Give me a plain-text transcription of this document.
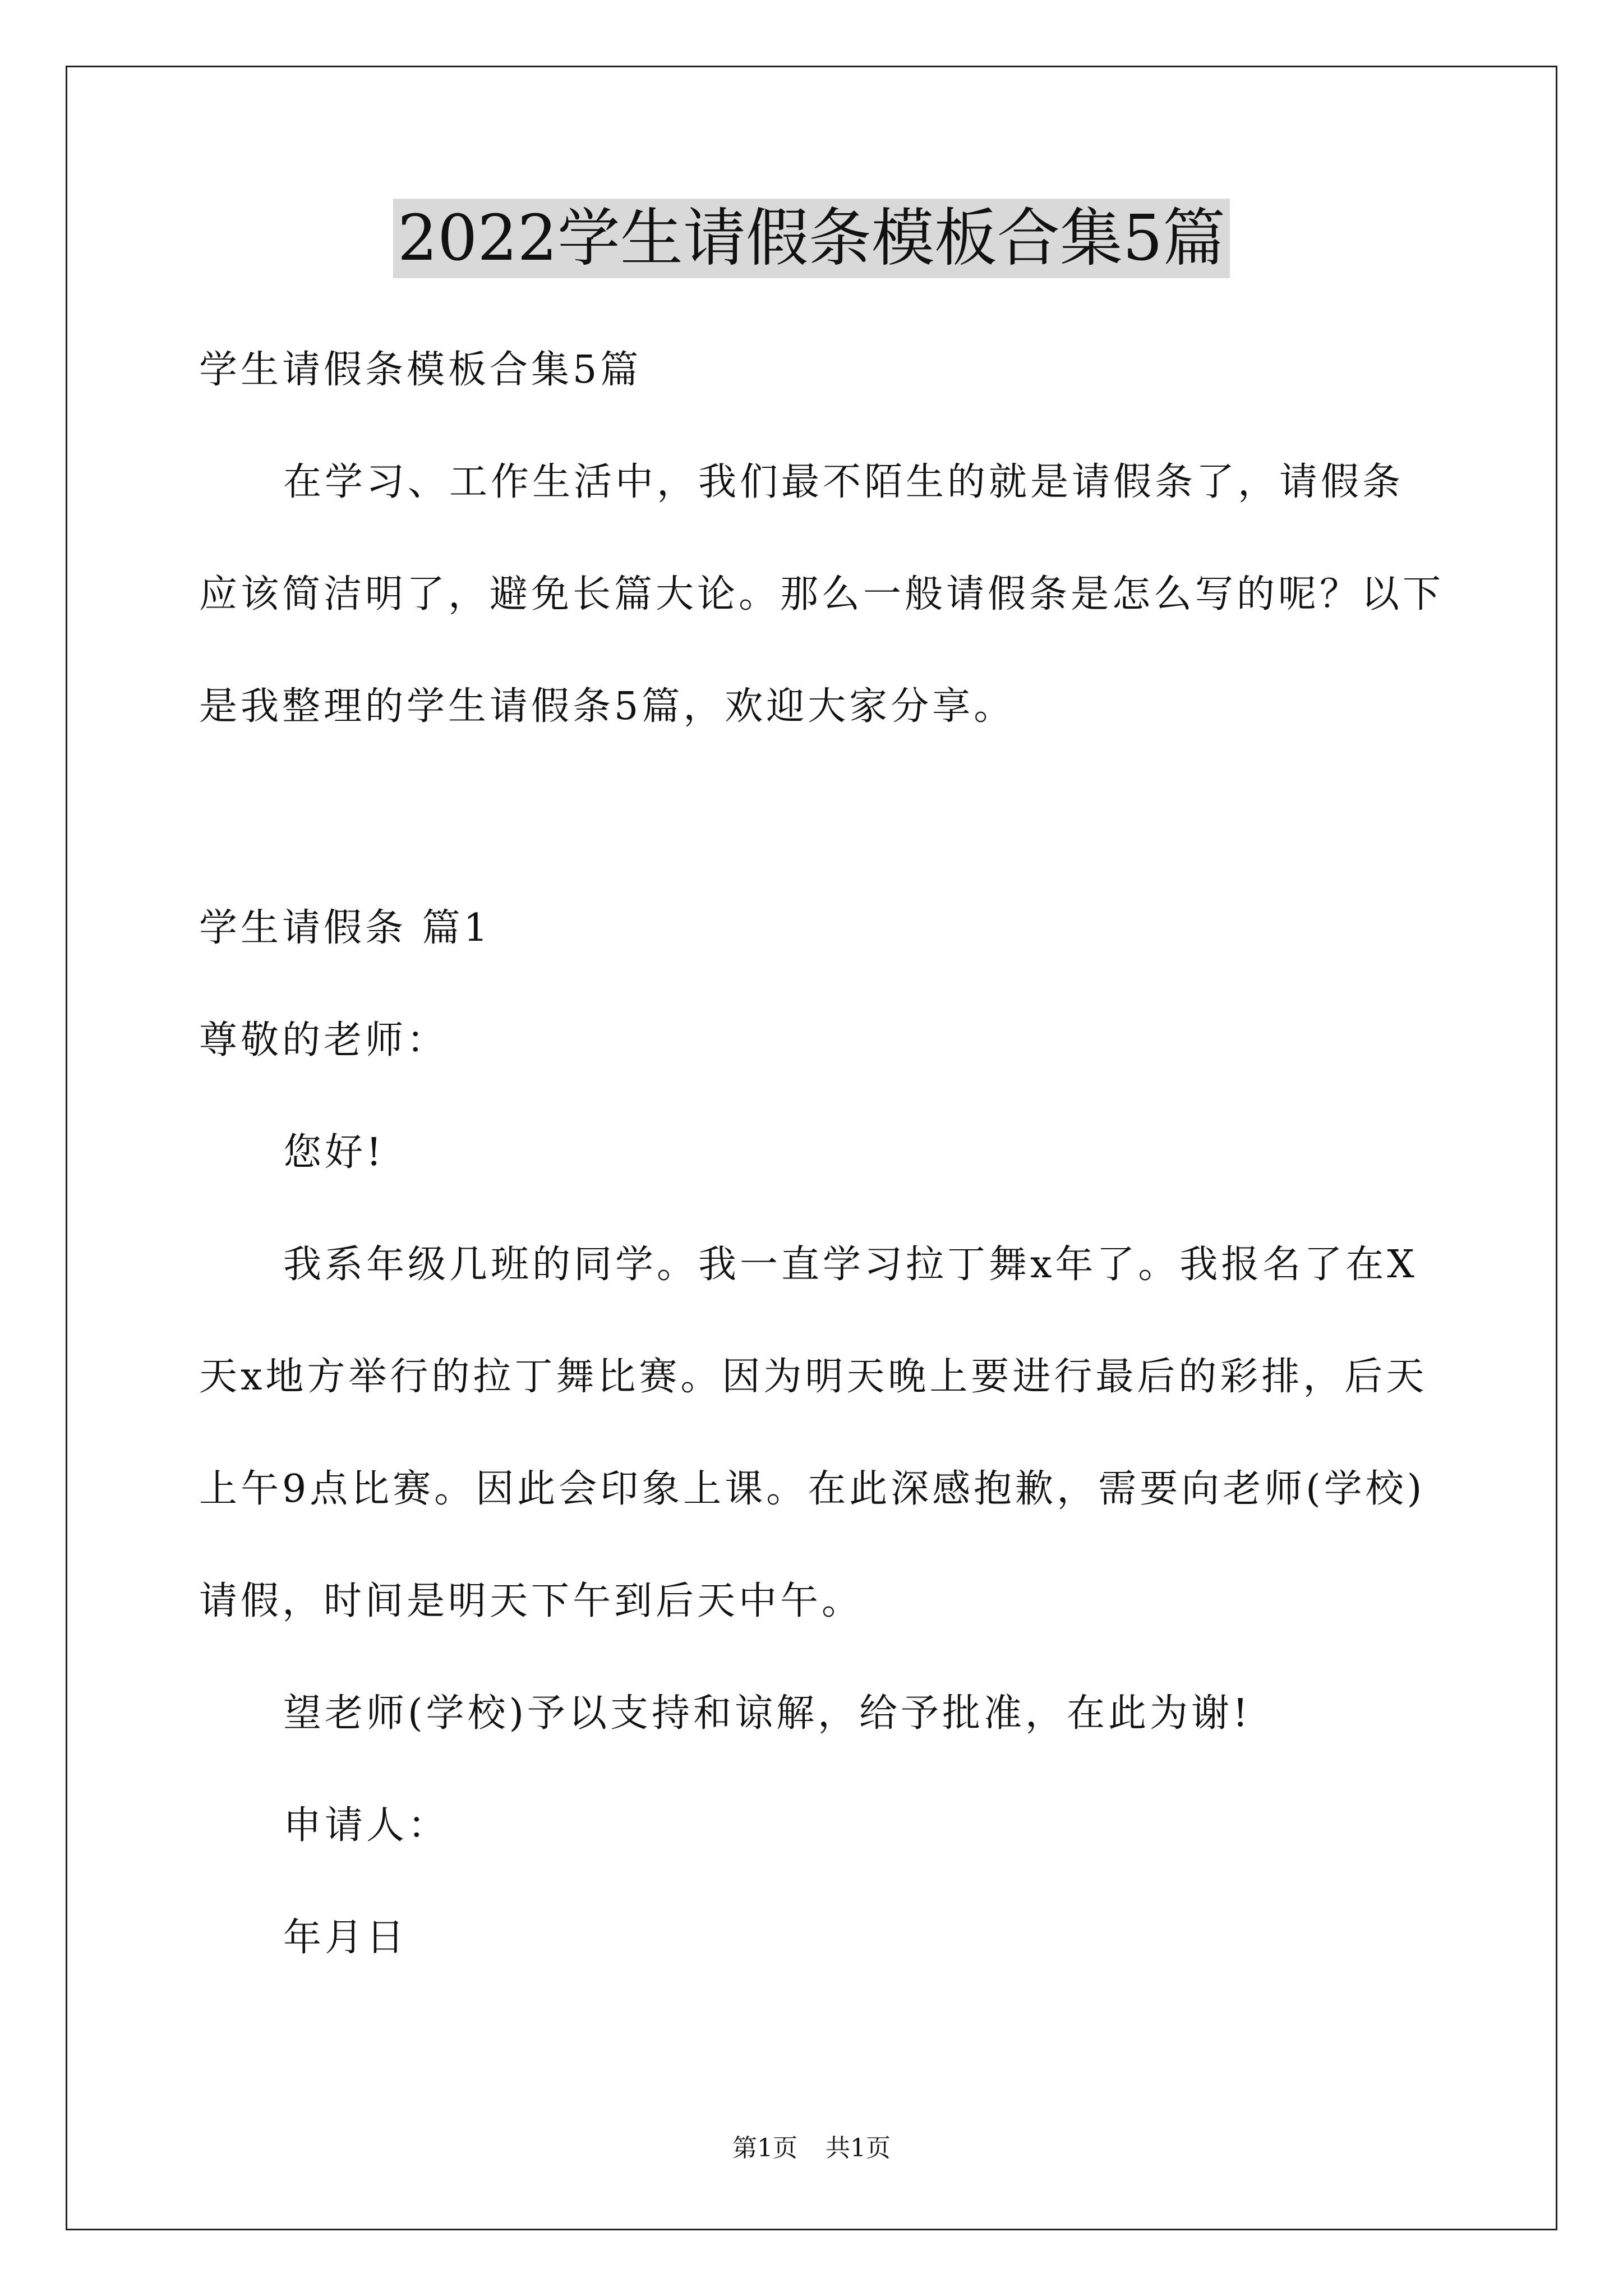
2022学生请假条模板合集5篇

学生请假条模板合集5篇

在学习、工作生活中，我们最不陌生的就是请假条了，请假条应该简洁明了，避免长篇大论。那么一般请假条是怎么写的呢？以下是我整理的学生请假条5篇，欢迎大家分享。

学生请假条 篇1

尊敬的老师：

您好!

我系年级几班的同学。我一直学习拉丁舞x年了。我报名了在X天x地方举行的拉丁舞比赛。因为明天晚上要进行最后的彩排，后天上午9点比赛。因此会印象上课。在此深感抱歉，需要向老师(学校)请假，时间是明天下午到后天中午。

望老师(学校)予以支持和谅解，给予批准，在此为谢!

申请人：

年月日

第1页 共1页
